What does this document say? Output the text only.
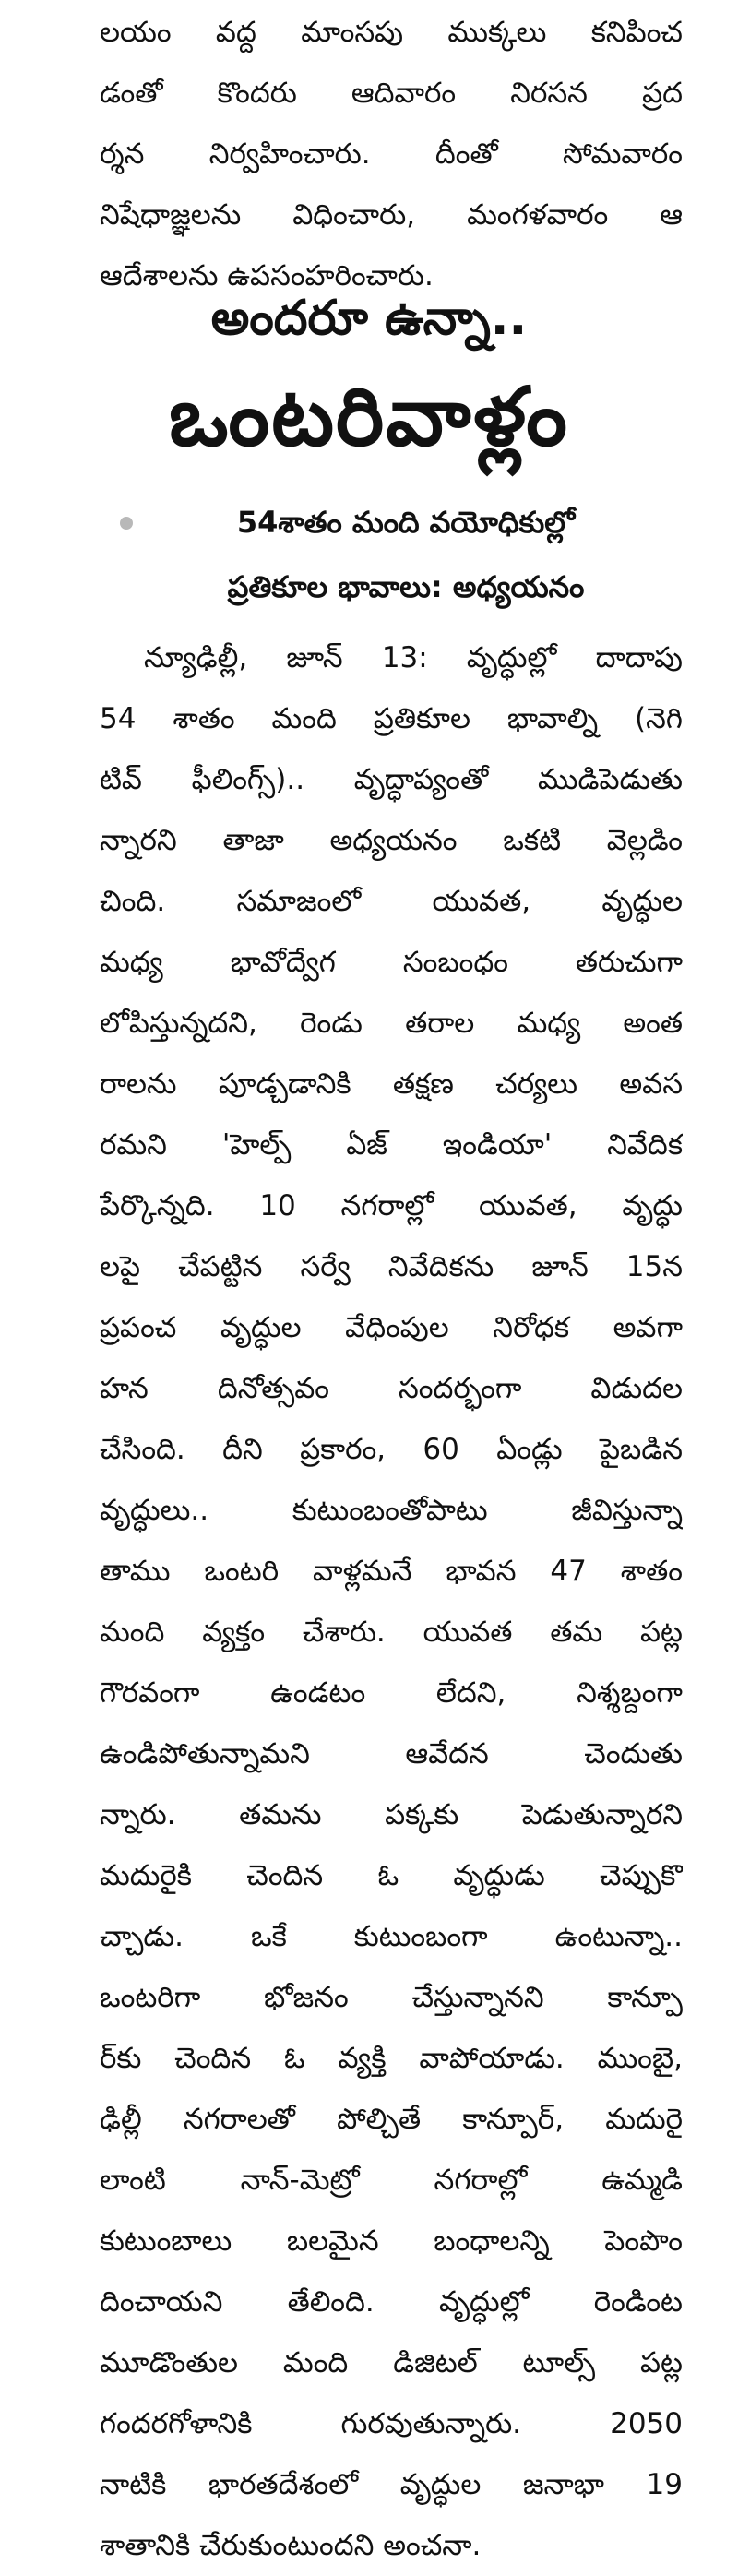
లయం వద్ద మాంసపు ముక్కలు కనిపించ
డంతో కొందరు ఆదివారం నిరసన ప్రద
ర్శన నిర్వహించారు. దీంతో సోమవారం
నిషేధాజ్ఞలను విధించారు, మంగళవారం ఆ
ఆదేశాలను ఉపసంహరించారు.
అందరూ ఉన్నా..
ఒంటరివాళ్లం
54శాతం మంది వయోధికుల్లో
ప్రతికూల భావాలు: అధ్యయనం
న్యూఢిల్లీ, జూన్ 13: వృద్ధుల్లో దాదాపు
54 శాతం మంది ప్రతికూల భావాల్ని (నెగి
టివ్ ఫీలింగ్స్).. వృద్ధాప్యంతో ముడిపెడుతు
న్నారని తాజా అధ్యయనం ఒకటి వెల్లడిం
చింది. సమాజంలో యువత, వృద్ధుల
మధ్య భావోద్వేగ సంబంధం తరుచుగా
లోపిస్తున్నదని, రెండు తరాల మధ్య అంత
రాలను పూడ్చడానికి తక్షణ చర్యలు అవస
రమని 'హెల్ప్ ఏజ్ ఇండియా' నివేదిక
పేర్కొన్నది. 10 నగరాల్లో యువత, వృద్ధు
లపై చేపట్టిన సర్వే నివేదికను జూన్ 15న
ప్రపంచ వృద్ధుల వేధింపుల నిరోధక అవగా
హన దినోత్సవం సందర్భంగా విడుదల
చేసింది. దీని ప్రకారం, 60 ఏండ్లు పైబడిన
వృద్ధులు.. కుటుంబంతోపాటు జీవిస్తున్నా
తాము ఒంటరి వాళ్లమనే భావన 47 శాతం
మంది వ్యక్తం చేశారు. యువత తమ పట్ల
గౌరవంగా ఉండటం లేదని, నిశ్శబ్దంగా
ఉండిపోతున్నామని ఆవేదన చెందుతు
న్నారు. తమను పక్కకు పెడుతున్నారని
మదురైకి చెందిన ఓ వృద్ధుడు చెప్పుకొ
చ్చాడు. ఒకే కుటుంబంగా ఉంటున్నా..
ఒంటరిగా భోజనం చేస్తున్నానని కాన్పూ
ర్‌కు చెందిన ఓ వ్యక్తి వాపోయాడు. ముంబై,
ఢిల్లీ నగరాలతో పోల్చితే కాన్పూర్, మదురై
లాంటి నాన్-మెట్రో నగరాల్లో ఉమ్మడి
కుటుంబాలు బలమైన బంధాలన్ని పెంపొం
దించాయని తేలింది. వృద్ధుల్లో రెండింట
మూడొంతుల మంది డిజిటల్ టూల్స్ పట్ల
గందరగోళానికి గురవుతున్నారు. 2050
నాటికి భారతదేశంలో వృద్ధుల జనాభా 19
శాతానికి చేరుకుంటుందని అంచనా.
